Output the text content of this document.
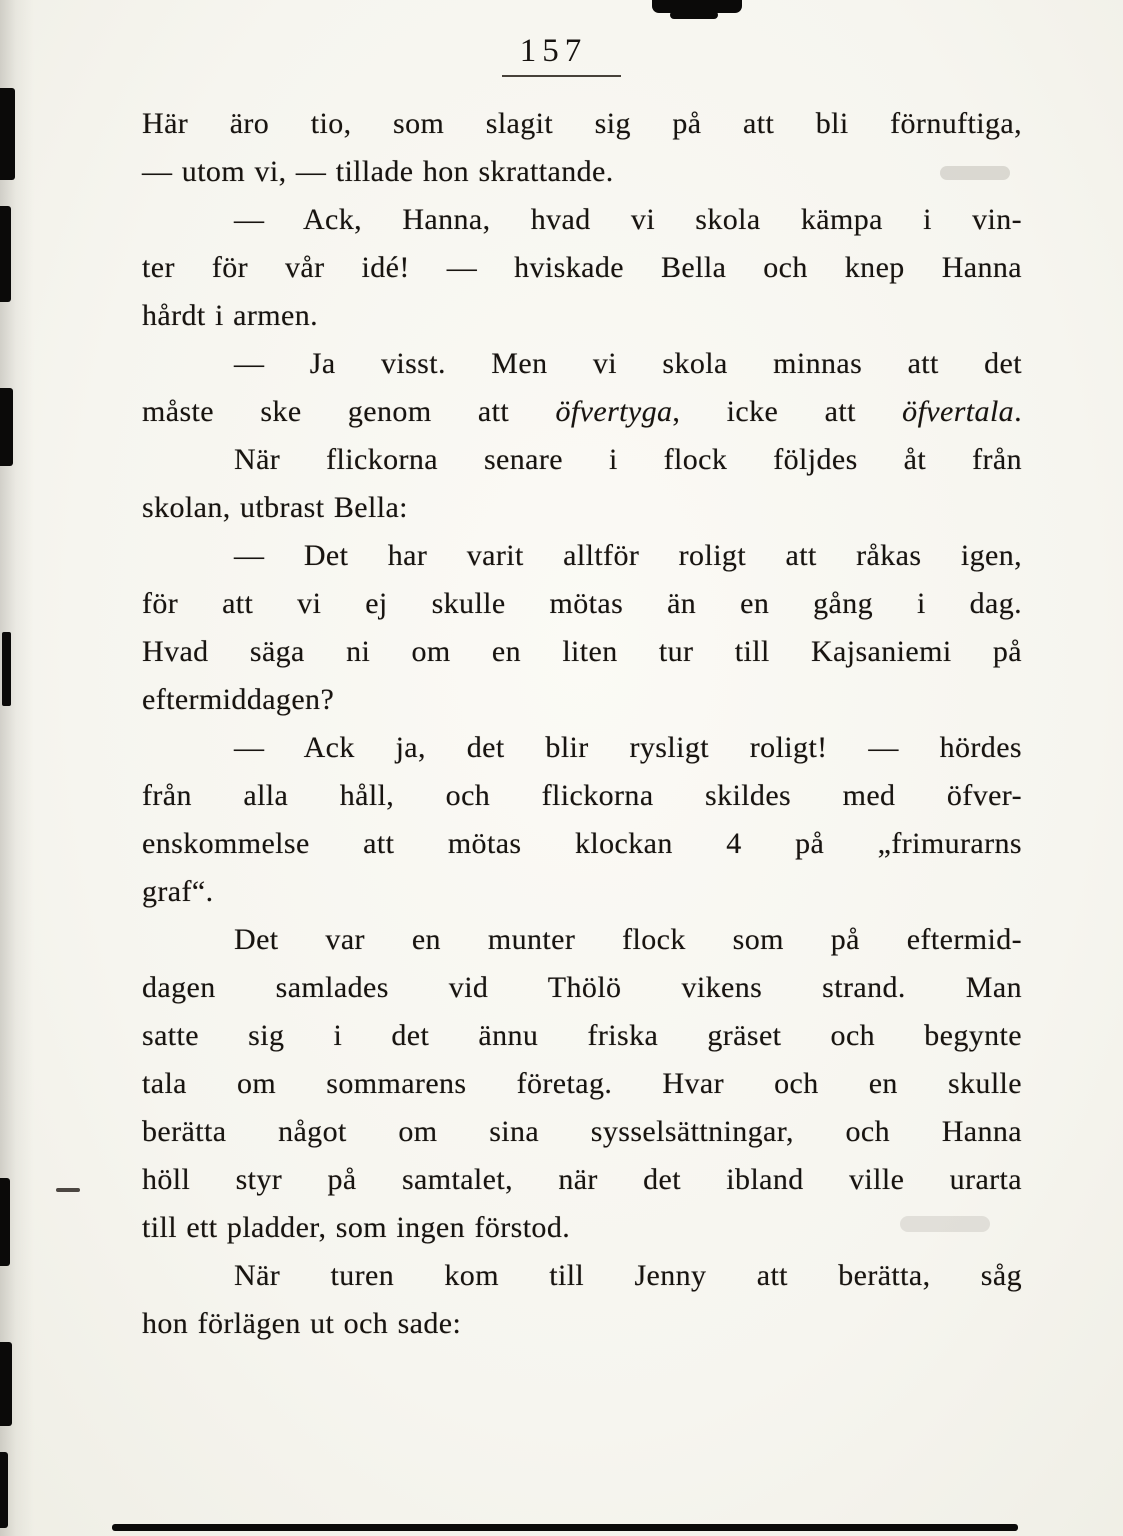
157
Här äro tio, som slagit sig på att bli förnuftiga,
— utom vi, — tillade hon skrattande.
— Ack, Hanna, hvad vi skola kämpa i vin-
ter för vår idé! — hviskade Bella och knep Hanna
hårdt i armen.
— Ja visst. Men vi skola minnas att det
måste ske genom att öfvertyga, icke att öfvertala.
När flickorna senare i flock följdes åt från
skolan, utbrast Bella:
— Det har varit alltför roligt att råkas igen,
för att vi ej skulle mötas än en gång i dag.
Hvad säga ni om en liten tur till Kajsaniemi på
eftermiddagen?
— Ack ja, det blir rysligt roligt! — hördes
från alla håll, och flickorna skildes med öfver-
enskommelse att mötas klockan 4 på „frimurarns
graf“.
Det var en munter flock som på eftermid-
dagen samlades vid Thölö vikens strand. Man
satte sig i det ännu friska gräset och begynte
tala om sommarens företag. Hvar och en skulle
berätta något om sina sysselsättningar, och Hanna
höll styr på samtalet, när det ibland ville urarta
till ett pladder, som ingen förstod.
När turen kom till Jenny att berätta, såg
hon förlägen ut och sade:
